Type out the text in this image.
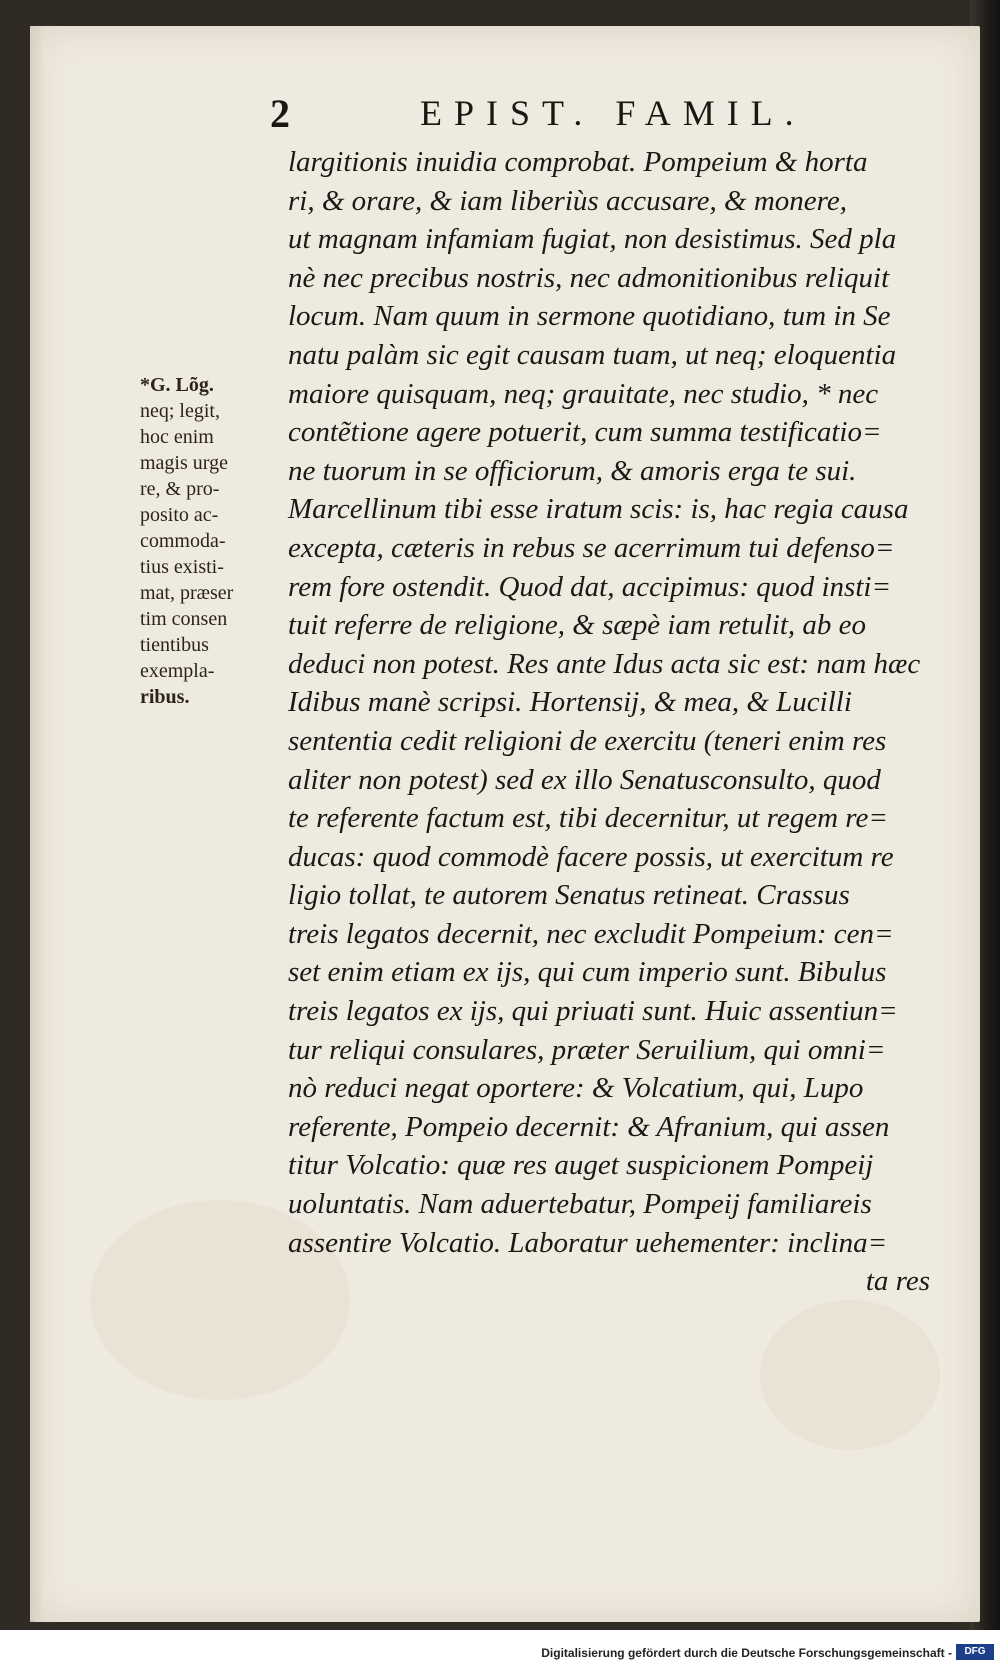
2	EPIST. FAMIL.
largitionis inuidia comprobat. Pompeium & horta
ri, & orare, & iam liberiùs accusare, & monere,
ut magnam infamiam fugiat, non desistimus. Sed pla
nè nec precibus nostris, nec admonitionibus reliquit
locum. Nam quum in sermone quotidiano, tum in Se
natu palàm sic egit causam tuam, ut neq; eloquentia
maiore quisquam, neq; grauitate, nec studio, * nec
contẽtione agere potuerit, cum summa testificatio=
ne tuorum in se officiorum, & amoris erga te sui.
Marcellinum tibi esse iratum scis: is, hac regia causa
excepta, cæteris in rebus se acerrimum tui defenso=
rem fore ostendit. Quod dat, accipimus: quod insti=
tuit referre de religione, & sæpè iam retulit, ab eo
deduci non potest. Res ante Idus acta sic est: nam hæc
Idibus manè scripsi. Hortensij, & mea, & Lucilli
sententia cedit religioni de exercitu (teneri enim res
aliter non potest) sed ex illo Senatusconsulto, quod
te referente factum est, tibi decernitur, ut regem re=
ducas: quod commodè facere possis, ut exercitum re
ligio tollat, te autorem Senatus retineat. Crassus
treis legatos decernit, nec excludit Pompeium: cen=
set enim etiam ex ijs, qui cum imperio sunt. Bibulus
treis legatos ex ijs, qui priuati sunt. Huic assentiun=
tur reliqui consulares, præter Seruilium, qui omni=
nò reduci negat oportere: & Volcatium, qui, Lupo
referente, Pompeio decernit: & Afranium, qui assen
titur Volcatio: quæ res auget suspicionem Pompeij
uoluntatis. Nam aduertebatur, Pompeij familiareis
assentire Volcatio. Laboratur uehementer: inclina=
ta res
*G. Lõg.
neq; legit,
hoc enim
magis urge
re, & pro-
posito ac-
commoda-
tius existi-
mat, præser
tim consen
tientibus
exempla-
ribus.
Digitalisierung gefördert durch die Deutsche Forschungsgemeinschaft -	DFG
